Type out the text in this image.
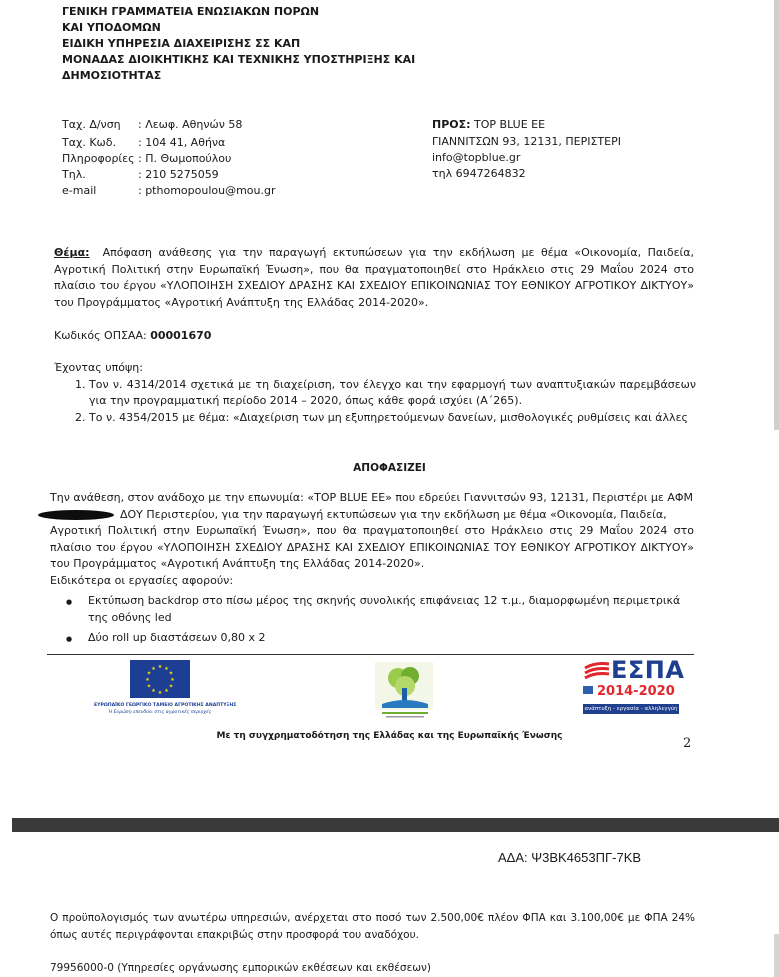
ΓΕΝΙΚΗ ΓΡΑΜΜΑΤΕΙΑ ΕΝΩΣΙΑΚΩΝ ΠΟΡΩΝ
ΚΑΙ ΥΠΟΔΟΜΩΝ
ΕΙΔΙΚΗ ΥΠΗΡΕΣΙΑ ΔΙΑΧΕΙΡΙΣΗΣ ΣΣ ΚΑΠ
ΜΟΝΑΔΑΣ ΔΙΟΙΚΗΤΙΚΗΣ ΚΑΙ ΤΕΧΝΙΚΗΣ ΥΠΟΣΤΗΡΙΞΗΣ ΚΑΙ
ΔΗΜΟΣΙΟΤΗΤΑΣ
Ταχ. Δ/νση : Λεωφ. Αθηνών 58
Ταχ. Κωδ. : 104 41, Αθήνα
Πληροφορίες : Π. Θωμοπούλου
Τηλ.	: 210 5275059
e-mail	: pthomopoulou@mou.gr
ΠΡΟΣ: TOP BLUE ΕΕ
ΓΙΑΝΝΙΤΣΩΝ 93, 12131, ΠΕΡΙΣΤΕΡΙ
info@topblue.gr
τηλ 6947264832
Θέμα: Απόφαση ανάθεσης για την παραγωγή εκτυπώσεων για την εκδήλωση με θέμα «Οικονομία, Παιδεία, Αγροτική Πολιτική στην Ευρωπαϊκή Ένωση», που θα πραγματοποιηθεί στο Ηράκλειο στις 29 Μαΐου 2024 στο πλαίσιο του έργου «ΥΛΟΠΟΙΗΣΗ ΣΧΕΔΙΟΥ ΔΡΑΣΗΣ ΚΑΙ ΣΧΕΔΙΟΥ ΕΠΙΚΟΙΝΩΝΙΑΣ ΤΟΥ ΕΘΝΙΚΟΥ ΑΓΡΟΤΙΚΟΥ ΔΙΚΤΥΟΥ» του Προγράμματος «Αγροτική Ανάπτυξη της Ελλάδας 2014-2020».
Κωδικός ΟΠΣΑΑ: 00001670
Έχοντας υπόψη:
1. Τον ν. 4314/2014 σχετικά με τη διαχείριση, τον έλεγχο και την εφαρμογή των αναπτυξιακών παρεμβάσεων για την προγραμματική περίοδο 2014 – 2020, όπως κάθε φορά ισχύει (Α΄265).
2. Το ν. 4354/2015 με θέμα: «Διαχείριση των μη εξυπηρετούμενων δανείων, μισθολογικές ρυθμίσεις και άλλες
ΑΠΟΦΑΣΙΖΕΙ
Την ανάθεση, στον ανάδοχο με την επωνυμία: «TOP BLUE ΕΕ» που εδρεύει Γιαννιτσών 93, 12131, Περιστέρι με ΑΦΜ
ΔΟΥ Περιστερίου, για την παραγωγή εκτυπώσεων για την εκδήλωση με θέμα «Οικονομία, Παιδεία,
Αγροτική Πολιτική στην Ευρωπαϊκή Ένωση», που θα πραγματοποιηθεί στο Ηράκλειο στις 29 Μαΐου 2024 στο πλαίσιο του έργου «ΥΛΟΠΟΙΗΣΗ ΣΧΕΔΙΟΥ ΔΡΑΣΗΣ ΚΑΙ ΣΧΕΔΙΟΥ ΕΠΙΚΟΙΝΩΝΙΑΣ ΤΟΥ ΕΘΝΙΚΟΥ ΑΓΡΟΤΙΚΟΥ ΔΙΚΤΥΟΥ» του Προγράμματος «Αγροτική Ανάπτυξη της Ελλάδας 2014-2020».
Ειδικότερα οι εργασίες αφορούν:
● Εκτύπωση backdrop στο πίσω μέρος της σκηνής συνολικής επιφάνειας 12 τ.μ., διαμορφωμένη περιμετρικά της οθόνης led
● Δύο roll up διαστάσεων 0,80 x 2
★ ★
★
★
★
★
★
★
★
★
★
★
ΕΥΡΩΠΑΪΚΟ ΓΕΩΡΓΙΚΟ ΤΑΜΕΙΟ ΑΓΡΟΤΙΚΗΣ ΑΝΑΠΤΥΞΗΣ
Η Ευρώπη επενδύει στις αγροτικές περιοχές
ΕΣΠΑ
2014-2020
ανάπτυξη - εργασία - αλληλεγγύη
Με τη συγχρηματοδότηση της Ελλάδας και της Ευρωπαϊκής Ένωσης	2
ΑΔΑ: Ψ3ΒΚ4653ΠΓ-7ΚΒ
Ο προϋπολογισμός των ανωτέρω υπηρεσιών, ανέρχεται στο ποσό των 2.500,00€ πλέον ΦΠΑ και 3.100,00€ με ΦΠΑ 24% όπως αυτές περιγράφονται επακριβώς στην προσφορά του αναδόχου.
79956000-0 (Υπηρεσίες οργάνωσης εμπορικών εκθέσεων και εκθέσεων)
